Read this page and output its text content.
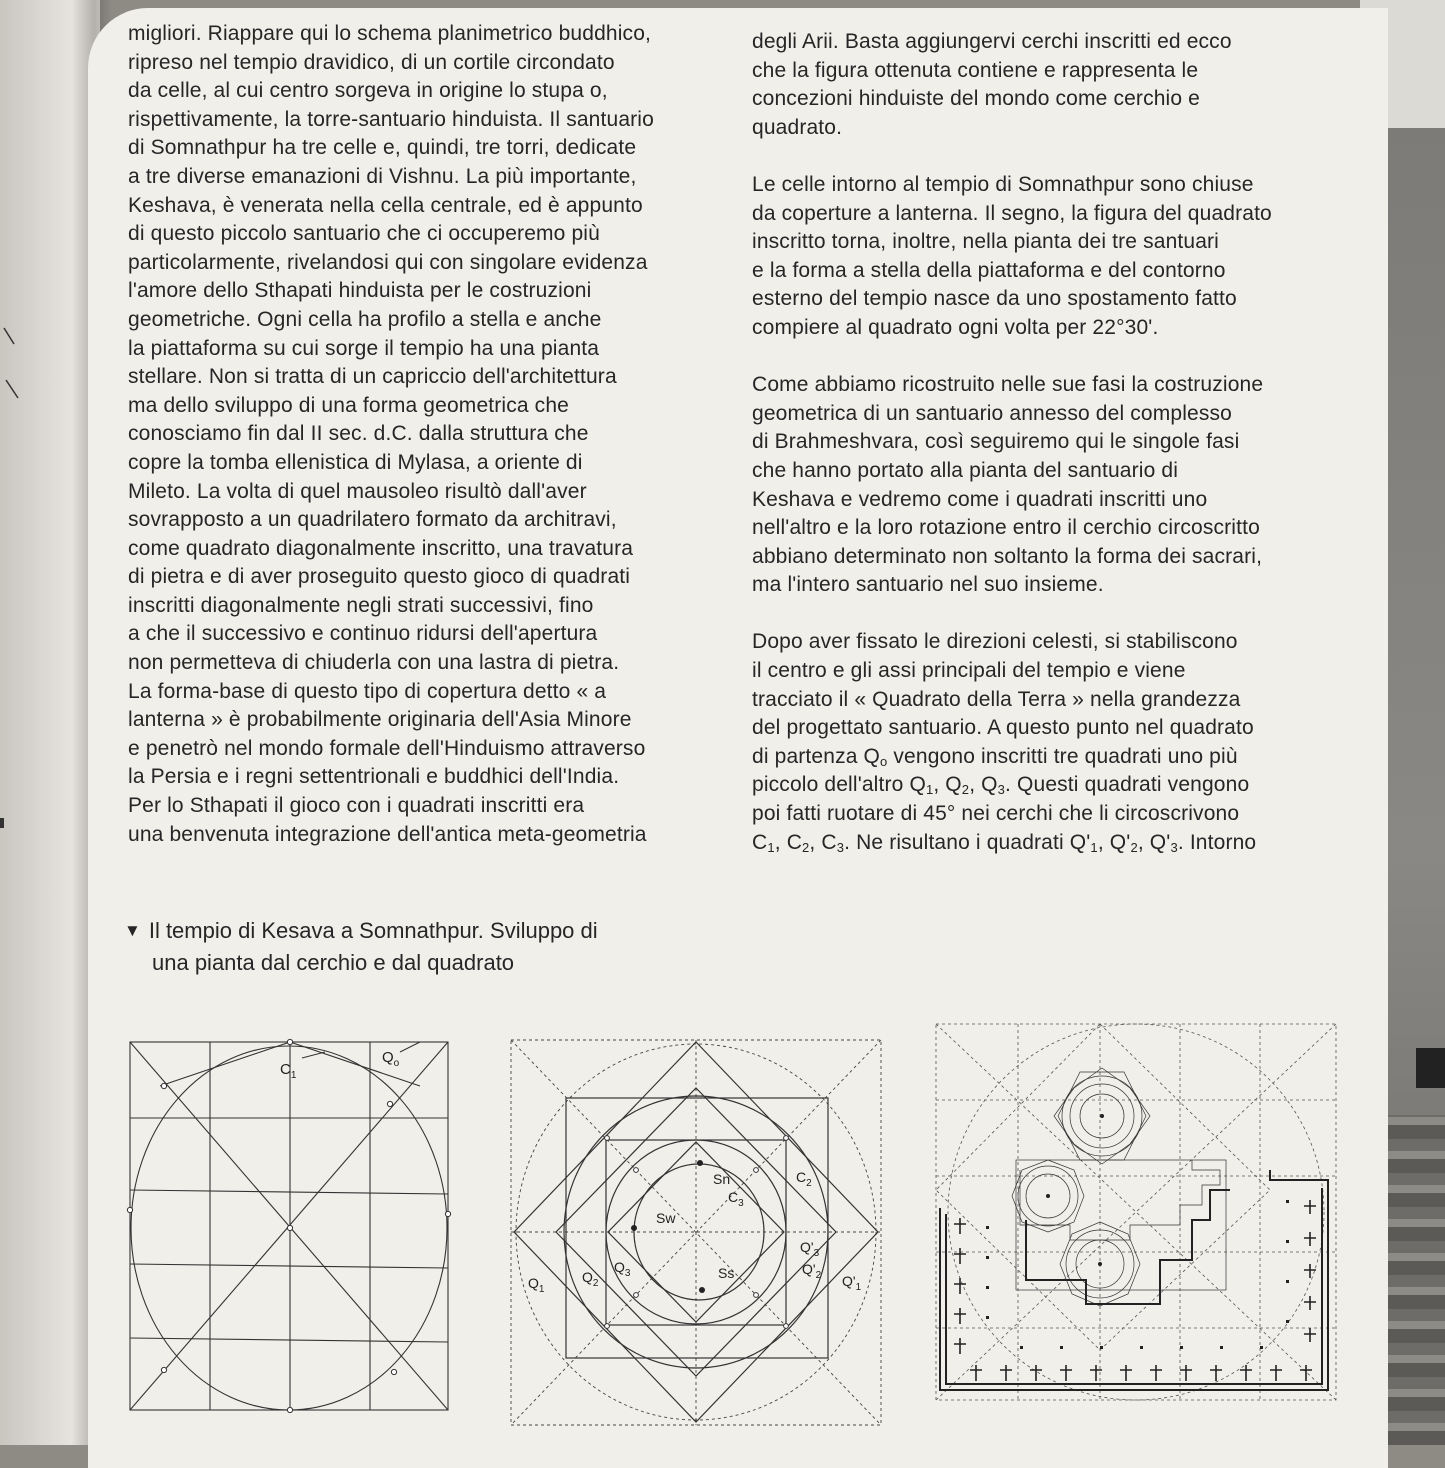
migliori. Riappare qui lo schema planimetrico buddhico,

ripreso nel tempio dravidico, di un cortile circondato

da celle, al cui centro sorgeva in origine lo stupa o,

rispettivamente, la torre-santuario hinduista. Il santuario

di Somnathpur ha tre celle e, quindi, tre torri, dedicate

a tre diverse emanazioni di Vishnu. La più importante,

Keshava, è venerata nella cella centrale, ed è appunto

di questo piccolo santuario che ci occuperemo più

particolarmente, rivelandosi qui con singolare evidenza

l'amore dello Sthapati hinduista per le costruzioni

geometriche. Ogni cella ha profilo a stella e anche

la piattaforma su cui sorge il tempio ha una pianta

stellare. Non si tratta di un capriccio dell'architettura

ma dello sviluppo di una forma geometrica che

conosciamo fin dal II sec. d.C. dalla struttura che

copre la tomba ellenistica di Mylasa, a oriente di

Mileto. La volta di quel mausoleo risultò dall'aver

sovrapposto a un quadrilatero formato da architravi,

come quadrato diagonalmente inscritto, una travatura

di pietra e di aver proseguito questo gioco di quadrati

inscritti diagonalmente negli strati successivi, fino

a che il successivo e continuo ridursi dell'apertura

non permetteva di chiuderla con una lastra di pietra.

La forma-base di questo tipo di copertura detto « a

lanterna » è probabilmente originaria dell'Asia Minore

e penetrò nel mondo formale dell'Hinduismo attraverso

la Persia e i regni settentrionali e buddhici dell'India.

Per lo Sthapati il gioco con i quadrati inscritti era

una benvenuta integrazione dell'antica meta-geometria

degli Arii. Basta aggiungervi cerchi inscritti ed ecco

che la figura ottenuta contiene e rappresenta le

concezioni hinduiste del mondo come cerchio e

quadrato.

Le celle intorno al tempio di Somnathpur sono chiuse

da coperture a lanterna. Il segno, la figura del quadrato

inscritto torna, inoltre, nella pianta dei tre santuari

e la forma a stella della piattaforma e del contorno

esterno del tempio nasce da uno spostamento fatto

compiere al quadrato ogni volta per 22°30'.

Come abbiamo ricostruito nelle sue fasi la costruzione

geometrica di un santuario annesso del complesso

di Brahmeshvara, così seguiremo qui le singole fasi

che hanno portato alla pianta del santuario di

Keshava e vedremo come i quadrati inscritti uno

nell'altro e la loro rotazione entro il cerchio circoscritto

abbiano determinato non soltanto la forma dei sacrari,

ma l'intero santuario nel suo insieme.

Dopo aver fissato le direzioni celesti, si stabiliscono

il centro e gli assi principali del tempio e viene

tracciato il « Quadrato della Terra » nella grandezza

del progettato santuario. A questo punto nel quadrato

di partenza $Q_o$ vengono inscritti tre quadrati uno più

piccolo dell'altro $Q_1$, $Q_2$, $Q_3$. Questi quadrati vengono

poi fatti ruotare di 45° nei cerchi che li circoscrivono

$C_1$, $C_2$, $C_3$. Ne risultano i quadrati $Q'_1$, $Q'_2$, $Q'_3$. Intorno

▼ Il tempio di Kesava a Somnathpur. Sviluppo di

una pianta dal cerchio e dal quadrato

$C_1$
$Q_o$
Sn
Sw
Ss
$C_3$
$C_2$
$Q_1$
$Q_2$
$Q_3$
$Q'_3$
$Q'_2$ $Q'_1$
